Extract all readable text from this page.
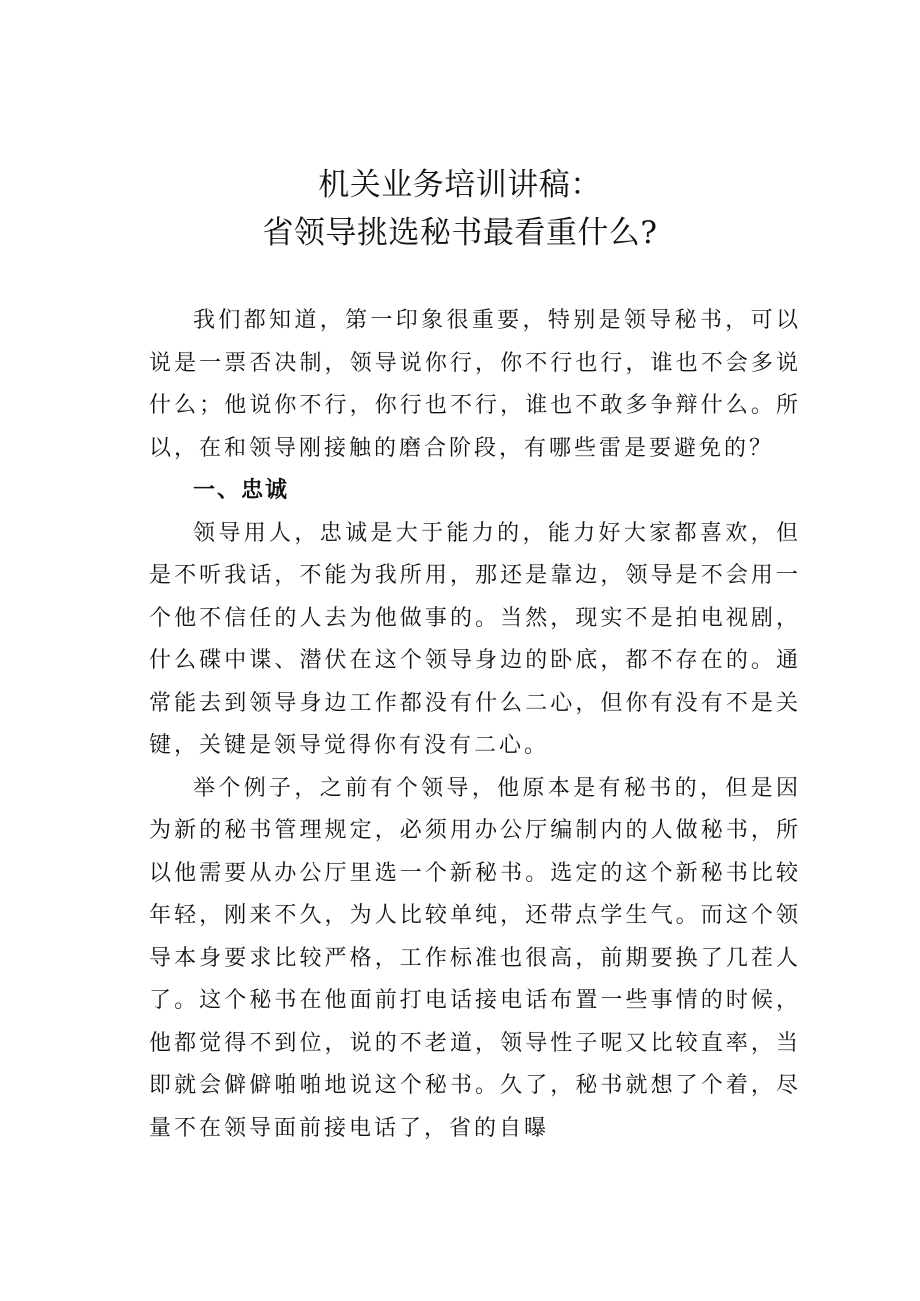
机关业务培训讲稿：
省领导挑选秘书最看重什么?

我们都知道，第一印象很重要，特别是领导秘书，可以说是一票否决制，领导说你行，你不行也行，谁也不会多说什么；他说你不行，你行也不行，谁也不敢多争辩什么。所以，在和领导刚接触的磨合阶段，有哪些雷是要避免的？

一、忠诚

领导用人，忠诚是大于能力的，能力好大家都喜欢，但是不听我话，不能为我所用，那还是靠边，领导是不会用一个他不信任的人去为他做事的。当然，现实不是拍电视剧，什么碟中谍、潜伏在这个领导身边的卧底，都不存在的。通常能去到领导身边工作都没有什么二心，但你有没有不是关键，关键是领导觉得你有没有二心。

举个例子，之前有个领导，他原本是有秘书的，但是因为新的秘书管理规定，必须用办公厅编制内的人做秘书，所以他需要从办公厅里选一个新秘书。选定的这个新秘书比较年轻，刚来不久，为人比较单纯，还带点学生气。而这个领导本身要求比较严格，工作标准也很高，前期要换了几茬人了。这个秘书在他面前打电话接电话布置一些事情的时候，他都觉得不到位，说的不老道，领导性子呢又比较直率，当即就会僻僻啪啪地说这个秘书。久了，秘书就想了个着，尽量不在领导面前接电话了，省的自曝
